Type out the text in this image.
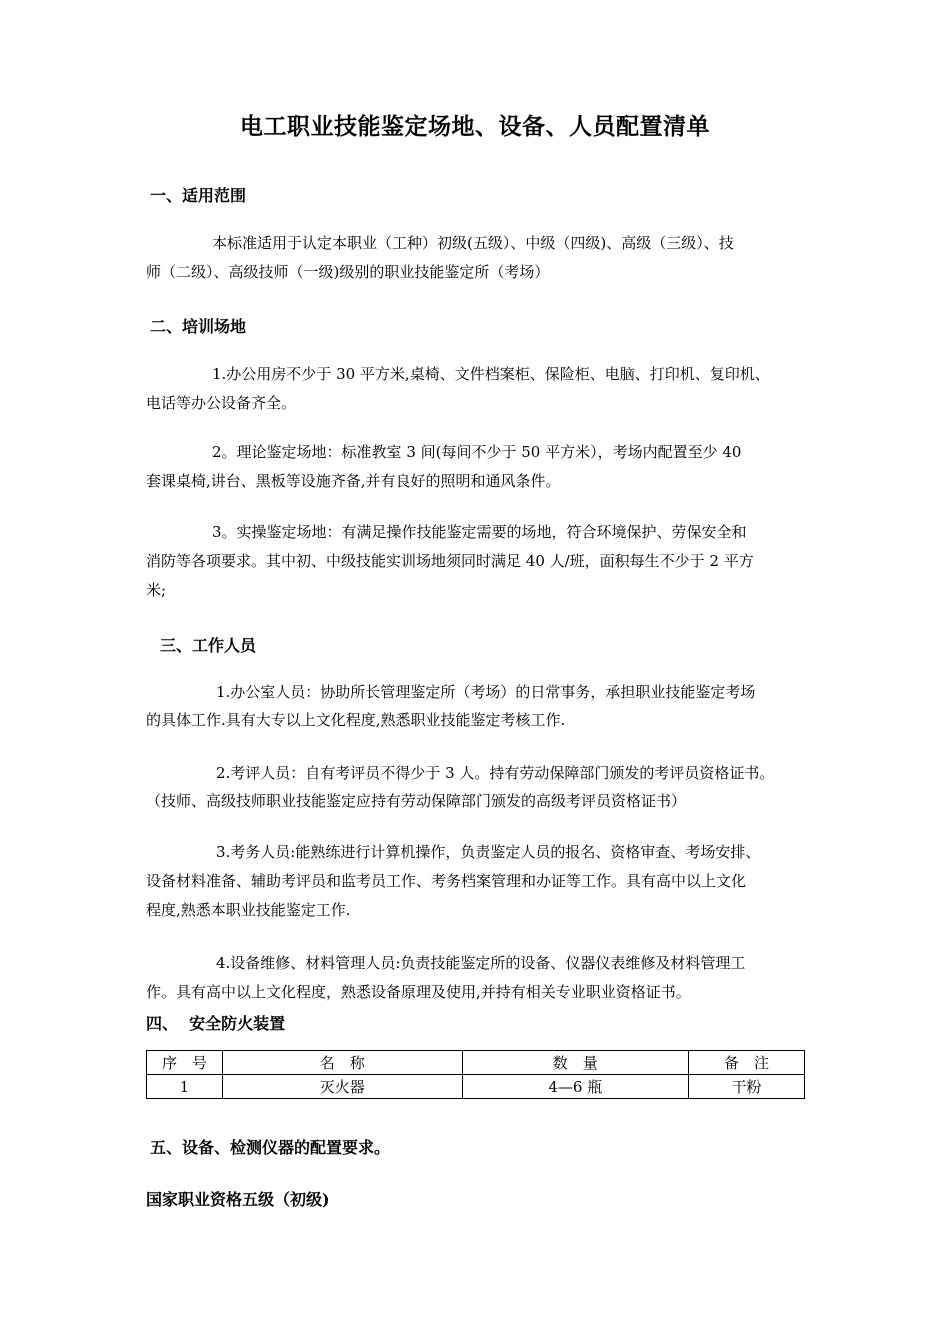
电工职业技能鉴定场地、设备、人员配置清单
一、适用范围
本标准适用于认定本职业（工种）初级(五级）、中级（四级)、高级（三级）、技
师（二级）、高级技师（一级)级别的职业技能鉴定所（考场）
二、培训场地
1.办公用房不少于 30 平方米,桌椅、文件档案柜、保险柜、电脑、打印机、复印机、
电话等办公设备齐全。
2。理论鉴定场地：标准教室 3 间(每间不少于 50 平方米），考场内配置至少 40
套课桌椅,讲台、黑板等设施齐备,并有良好的照明和通风条件。
3。实操鉴定场地：有满足操作技能鉴定需要的场地，符合环境保护、劳保安全和
消防等各项要求。其中初、中级技能实训场地须同时满足 40 人/班，面积每生不少于 2 平方
米;
三、工作人员
1.办公室人员：协助所长管理鉴定所（考场）的日常事务，承担职业技能鉴定考场
的具体工作.具有大专以上文化程度,熟悉职业技能鉴定考核工作.
2.考评人员：自有考评员不得少于 3 人。持有劳动保障部门颁发的考评员资格证书。
（技师、高级技师职业技能鉴定应持有劳动保障部门颁发的高级考评员资格证书）
3.考务人员:能熟练进行计算机操作，负责鉴定人员的报名、资格审查、考场安排、
设备材料准备、辅助考评员和监考员工作、考务档案管理和办证等工作。具有高中以上文化
程度,熟悉本职业技能鉴定工作.
4.设备维修、材料管理人员:负责技能鉴定所的设备、仪器仪表维修及材料管理工
作。具有高中以上文化程度，熟悉设备原理及使用,并持有相关专业职业资格证书。
四、  安全防火装置
序　号	名　称	数　量	备　注
1	灭火器	4—6 瓶	干粉
五、设备、检测仪器的配置要求。
国家职业资格五级（初级)
